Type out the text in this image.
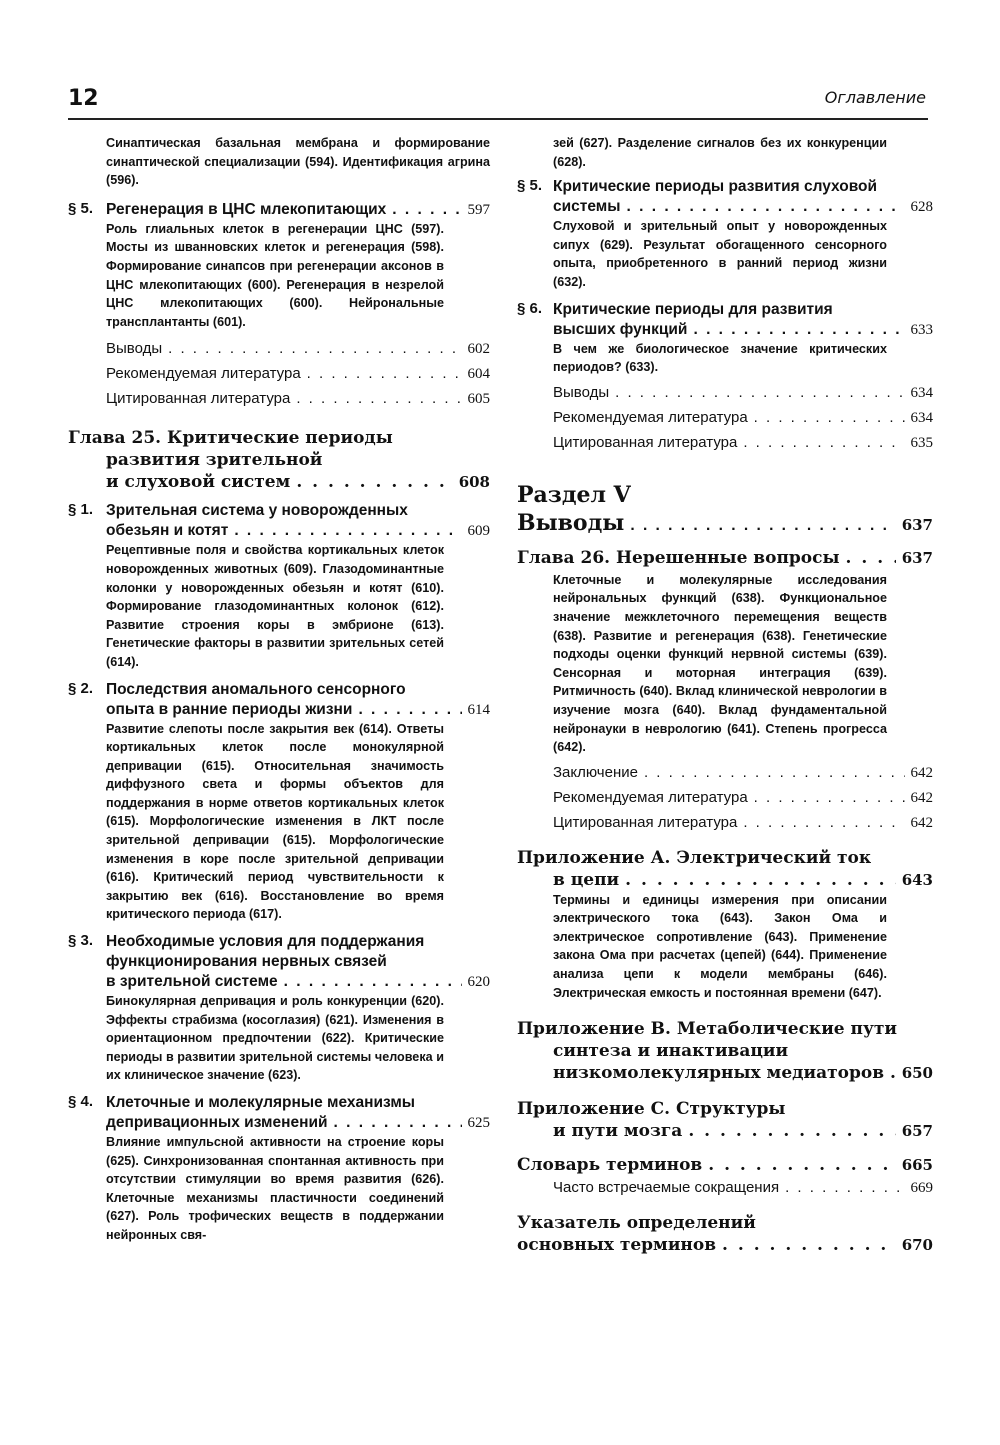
12	Оглавление
Синаптическая базальная мембрана и формирование синаптической специализации (594). Идентификация агрина (596).
§ 5. Регенерация в ЦНС млекопитающих . . .	597
Роль глиальных клеток в регенерации ЦНС (597). Мосты из шванновских клеток и регенерация (598). Формирование синапсов при регенерации аксонов в ЦНС млекопитающих (600). Регенерация в незрелой ЦНС млекопитающих (600). Нейрональные трансплантанты (601).
Выводы . . .	602
Рекомендуемая литература . . .	604
Цитированная литература . . .	605
Глава 25. Критические периоды
развития зрительной
и слуховой систем . . .	608
§ 1. Зрительная система у новорожденных
обезьян и котят . . .	609
Рецептивные поля и свойства кортикальных клеток новорожденных животных (609). Глазодоминантные колонки у новорожденных обезьян и котят (610). Формирование глазодоминантных колонок (612). Развитие строения коры в эмбрионе (613). Генетические факторы в развитии зрительных сетей (614).
§ 2. Последствия аномального сенсорного
опыта в ранние периоды жизни . . .	614
Развитие слепоты после закрытия век (614). Ответы кортикальных клеток после монокулярной депривации (615). Относительная значимость диффузного света и формы объектов для поддержания в норме ответов кортикальных клеток (615). Морфологические изменения в ЛКТ после зрительной депривации (615). Морфологические изменения в коре после зрительной депривации (616). Критический период чувствительности к закрытию век (616). Восстановление во время критического периода (617).
§ 3. Необходимые условия для поддержания
функционирования нервных связей
в зрительной системе . . .	620
Бинокулярная депривация и роль конкуренции (620). Эффекты страбизма (косоглазия) (621). Изменения в ориентационном предпочтении (622). Критические периоды в развитии зрительной системы человека и их клиническое значение (623).
§ 4. Клеточные и молекулярные механизмы
депривационных изменений . . .	625
Влияние импульсной активности на строение коры (625). Синхронизованная спонтанная активность при отсутствии стимуляции во время развития (626). Клеточные механизмы пластичности соединений (627). Роль трофических веществ в поддержании нейронных свя-
зей (627). Разделение сигналов без их конкуренции (628).
§ 5. Критические периоды развития слуховой
системы . . .	628
Слуховой и зрительный опыт у новорожденных сипух (629). Результат обогащенного сенсорного опыта, приобретенного в ранний период жизни (632).
§ 6. Критические периоды для развития
высших функций . . .	633
В чем же биологическое значение критических периодов? (633).
Выводы . . .	634
Рекомендуемая литература . . .	634
Цитированная литература . . .	635
Раздел V
Выводы . . .	637
Глава 26. Нерешенные вопросы . . .	637
Клеточные и молекулярные исследования нейрональных функций (638). Функциональное значение межклеточного перемещения веществ (638). Развитие и регенерация (638). Генетические подходы оценки функций нервной системы (639). Сенсорная и моторная интеграция (639). Ритмичность (640). Вклад клинической неврологии в изучение мозга (640). Вклад фундаментальной нейронауки в неврологию (641). Степень прогресса (642).
Заключение . . .	642
Рекомендуемая литература . . .	642
Цитированная литература . . .	642
Приложение А. Электрический ток
в цепи . . .	643
Термины и единицы измерения при описании электрического тока (643). Закон Ома и электрическое сопротивление (643). Применение закона Ома при расчетах (цепей) (644). Применение анализа цепи к модели мембраны (646). Электрическая емкость и постоянная времени (647).
Приложение В. Метаболические пути
синтеза и инактивации
низкомолекулярных медиаторов . . . 650
Приложение С. Структуры
и пути мозга . . .	657
Словарь терминов . . .	665
Часто встречаемые сокращения . . .	669
Указатель определений
основных терминов . . .	670
